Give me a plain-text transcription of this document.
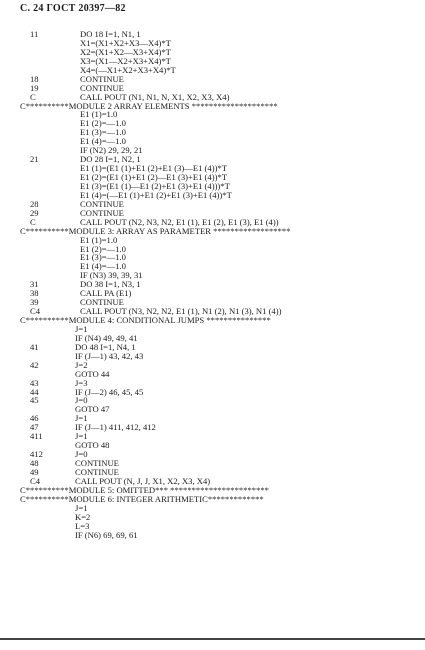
С. 24 ГОСТ 20397—82
11	DO 18 I=1, N1, 1
X1=(X1+X2+X3—X4)*T
X2=(X1+X2—X3+X4)*T
X3=(X1—X2+X3+X4)*T
X4=(—X1+X2+X3+X4)*T
18	CONTINUE
19	CONTINUE
C	CALL POUT (N1, N1, N, X1, X2, X3, X4)
C**********MODULE 2 ARRAY ELEMENTS ********************
E1 (1)=1.0
E1 (2)=—1.0
E1 (3)=—1.0
E1 (4)=—1.0
IF (N2) 29, 29, 21
21	DO 28 I=1, N2, 1
E1 (1)=(E1 (1)+E1 (2)+E1 (3)—E1 (4))*T
E1 (2)=(E1 (1)+E1 (2)—E1 (3)+E1 (4))*T
E1 (3)=(E1 (1)—E1 (2)+E1 (3)+E1 (4)))*T
E1 (4)=(—E1 (1)+E1 (2)+E1 (3)+E1 (4))*T
28	CONTINUE
29	CONTINUE
C	CALL POUT (N2, N3, N2, E1 (1), E1 (2), E1 (3), E1 (4))
C**********MODULE 3: ARRAY AS PARAMETER ******************
E1 (1)=1.0
E1 (2)=—1.0
E1 (3)=—1.0
E1 (4)=—1.0
IF (N3) 39, 39, 31
31	DO 38 I=1, N3, 1
38	CALL PA (E1)
39	CONTINUE
C4	CALL POUT (N3, N2, N2, E1 (1), N1 (2), N1 (3), N1 (4))
C**********MODULE 4: CONDITIONAL JUMPS ***************
J=1
IF (N4) 49, 49, 41
41	DO 48 I=1, N4, 1
IF (J—1) 43, 42, 43
42	J=2
GOTO 44
43	J=3
44	IF (J—2) 46, 45, 45
45	J=0
GOTO 47
46	J=1
47	IF (J—1) 411, 412, 412
411	J=1
GOTO 48
412	J=0
48	CONTINUE
49	CONTINUE
C4	CALL POUT (N, J, J, X1, X2, X3, X4)
C**********MODULE 5: OMITTED*** ***********************
C**********MODULE 6: INTEGER ARITHMETIC*************
J=1
K=2
L=3
IF (N6) 69, 69, 61
